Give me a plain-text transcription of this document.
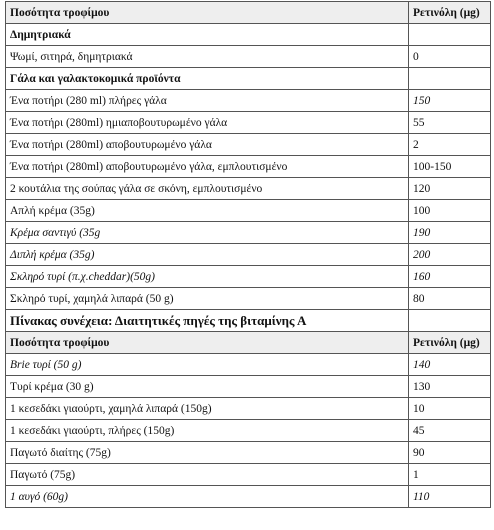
Ποσότητα τροφίμου	Ρετινόλη (μg)
Δημητριακά	
Ψωμί, σιτηρά, δημητριακά	0
Γάλα και γαλακτοκομικά προϊόντα	
Ένα ποτήρι (280 ml) πλήρες γάλα	150
Ένα ποτήρι (280ml) ημιαποβουτυρωμένο γάλα	55
Ένα ποτήρι (280ml) αποβουτυρωμένο γάλα	2
Ένα ποτήρι (280ml) αποβουτυρωμένο γάλα, εμπλουτισμένο	100-150
2 κουτάλια της σούπας γάλα σε σκόνη, εμπλουτισμένο	120
Απλή κρέμα (35g)	100
Κρέμα σαντιγύ (35g	190
Διπλή κρέμα (35g)	200
Σκληρό τυρί (π.χ.cheddar)(50g)	160
Σκληρό τυρί, χαμηλά λιπαρά (50 g)	80
Πίνακας συνέχεια: Διαιτητικές πηγές της βιταμίνης Α	
Ποσότητα τροφίμου	Ρετινόλη (μg)
Brie τυρί (50 g)	140
Τυρί κρέμα (30 g)	130
1 κεσεδάκι γιαούρτι, χαμηλά λιπαρά (150g)	10
1 κεσεδάκι γιαούρτι, πλήρες (150g)	45
Παγωτό διαίτης (75g)	90
Παγωτό (75g)	1
1 αυγό (60g)	110
